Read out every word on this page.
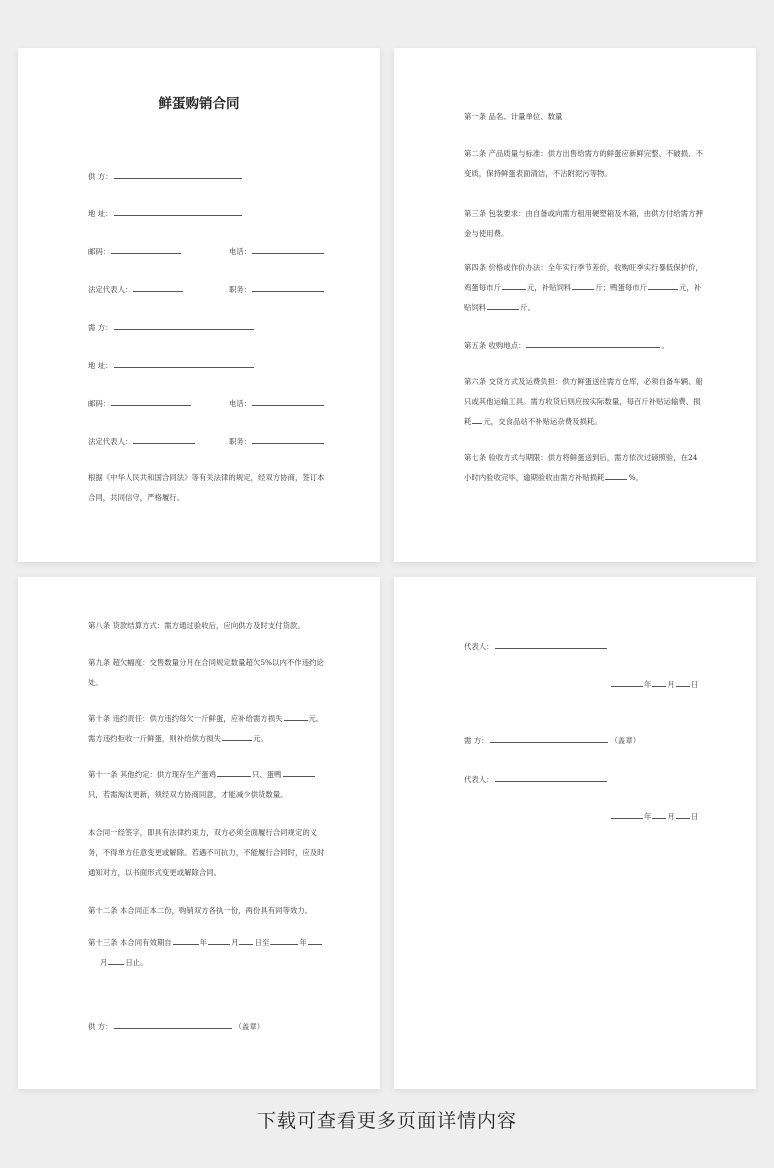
鲜蛋购销合同
供 方：
地 址：
邮码：	电话：
法定代表人：	职务：
需 方：
地 址：
邮码：	电话：
法定代表人：	职务：
根据《中华人民共和国合同法》等有关法律的规定，经双方协商，签订本合同，共同信守，严格履行。
第一条 品名、计量单位、数量
第二条 产品质量与标准：供方出售给需方的鲜蛋应新鲜完整、不破损、不变质，保持鲜蛋表面清洁，不沾附泥污等物。
第三条 包装要求：由自备或向需方租用硬塑箱及木箱，由供方付给需方押金与使用费。
第四条 价格或作价办法：全年实行季节差价，收购旺季实行暴低保护价，鸡蛋每市斤	元，补贴饲料	斤；鸭蛋每市斤	元，补贴饲料	斤。
第五条 收购地点：	。
第六条 交货方式及运费负担：供方鲜蛋送往需方仓库，必须自备车辆、船只或其他运输工具。需方收货后则应按实际数量，每百斤补贴运输费、损耗 元，交食品站不补贴运杂费及损耗。
第七条 验收方式与期限：供方将鲜蛋送到后，需方依次过磅照验，在24小时内验收完毕，逾期验收由需方补贴损耗	%。
第八条 货款结算方式：需方通过验收后，应向供方及时支付货款。
第九条 超欠幅度：交售数量分月在合同规定数量超欠5%以内不作违约论处。
第十条 违约责任：供方违约每欠一斤鲜蛋，应补给需方损失	元。需方违约拒收一斤鲜蛋，则补给供方损失	元。
第十一条 其他约定：供方现存生产蛋鸡	只、蛋鸭只，若需淘汰更新，须经双方协商同意，才能减少供货数量。
本合同一经签字，即具有法律约束力，双方必须全面履行合同规定的义务，不得单方任意变更或解除。若遇不可抗力，不能履行合同时，应及时通知对方，以书面形式变更或解除合同。
第十二条 本合同正本二份，购销双方各执一份，两份具有同等效力。
第十三条 本合同有效期自	年	月 日至	年
月 日止。
供 方：	（盖章）
代表人：
年 月 日
需 方：	（盖章）
代表人：
年 月 日
下载可查看更多页面详情内容
